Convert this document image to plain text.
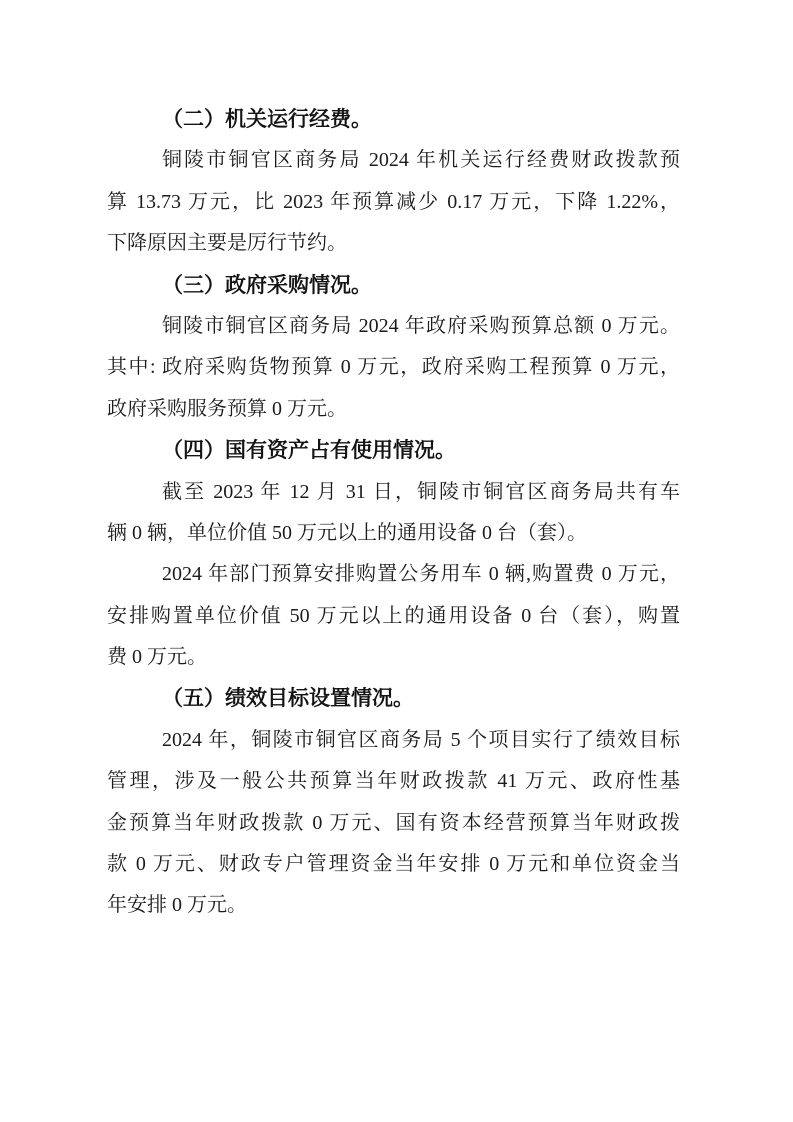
（二）机关运行经费。

铜陵市铜官区商务局 2024 年机关运行经费财政拨款预

算 13.73 万元，比 2023 年预算减少 0.17 万元，下降 1.22%，

下降原因主要是厉行节约。

（三）政府采购情况。

铜陵市铜官区商务局 2024 年政府采购预算总额 0 万元。

其中: 政府采购货物预算 0 万元，政府采购工程预算 0 万元，

政府采购服务预算 0 万元。

（四）国有资产占有使用情况。

截至 2023 年 12 月 31 日，铜陵市铜官区商务局共有车

辆 0 辆，单位价值 50 万元以上的通用设备 0 台（套）。

2024 年部门预算安排购置公务用车 0 辆,购置费 0 万元，

安排购置单位价值 50 万元以上的通用设备 0 台（套），购置

费 0 万元。

（五）绩效目标设置情况。

2024 年，铜陵市铜官区商务局 5 个项目实行了绩效目标

管理，涉及一般公共预算当年财政拨款 41 万元、政府性基

金预算当年财政拨款 0 万元、国有资本经营预算当年财政拨

款 0 万元、财政专户管理资金当年安排 0 万元和单位资金当

年安排 0 万元。
